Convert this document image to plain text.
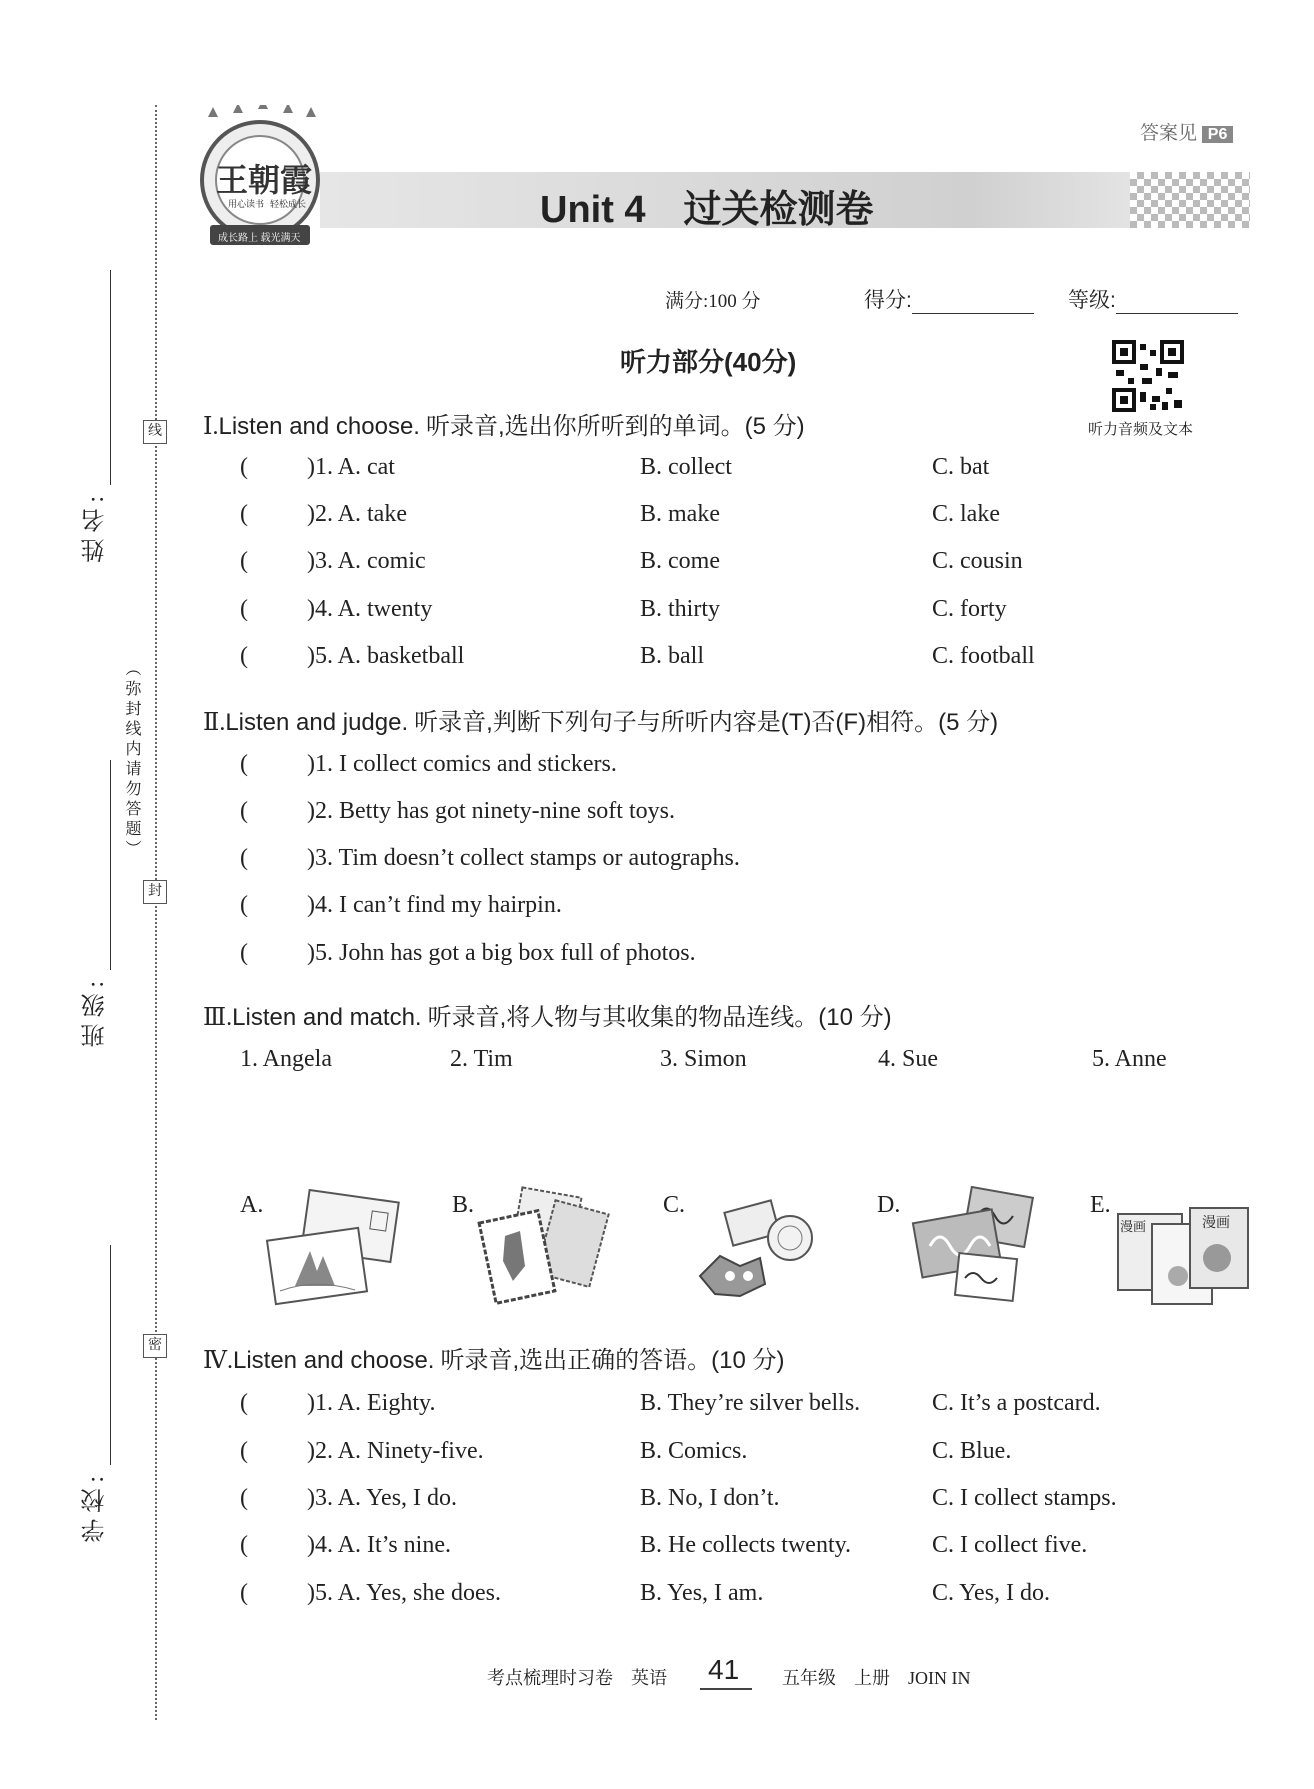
线
封
密
（弥封线内请勿答题）
姓名:
班级:
学校:
王朝霞
用心读书 轻松成长
成长路上 载光满天
Unit 4　过关检测卷
答案见 P6
满分:100 分	得分:	等级:
听力部分(40分)
听力音频及文本
Ⅰ.Listen and choose. 听录音,选出你所听到的单词。(5 分)
( )1. A. cat	B. collect	C. bat
( )2. A. take	B. make	C. lake
( )3. A. comic	B. come	C. cousin
( )4. A. twenty	B. thirty	C. forty
( )5. A. basketball	B. ball	C. football
Ⅱ.Listen and judge. 听录音,判断下列句子与所听内容是(T)否(F)相符。(5 分)
( )1. I collect comics and stickers.
( )2. Betty has got ninety-nine soft toys.
( )3. Tim doesn’t collect stamps or autographs.
( )4. I can’t find my hairpin.
( )5. John has got a big box full of photos.
Ⅲ.Listen and match. 听录音,将人物与其收集的物品连线。(10 分)
1. Angela	2. Tim	3. Simon	4. Sue	5. Anne
A.	B.	C.	D.	E.
漫画	漫画
Ⅳ.Listen and choose. 听录音,选出正确的答语。(10 分)
( )1. A. Eighty.	B. They’re silver bells.	C. It’s a postcard.
( )2. A. Ninety-five.	B. Comics.	C. Blue.
( )3. A. Yes, I do.	B. No, I don’t.	C. I collect stamps.
( )4. A. It’s nine.	B. He collects twenty.	C. I collect five.
( )5. A. Yes, she does.	B. Yes, I am.	C. Yes, I do.
考点梳理时习卷　英语 41 五年级　上册　JOIN IN
